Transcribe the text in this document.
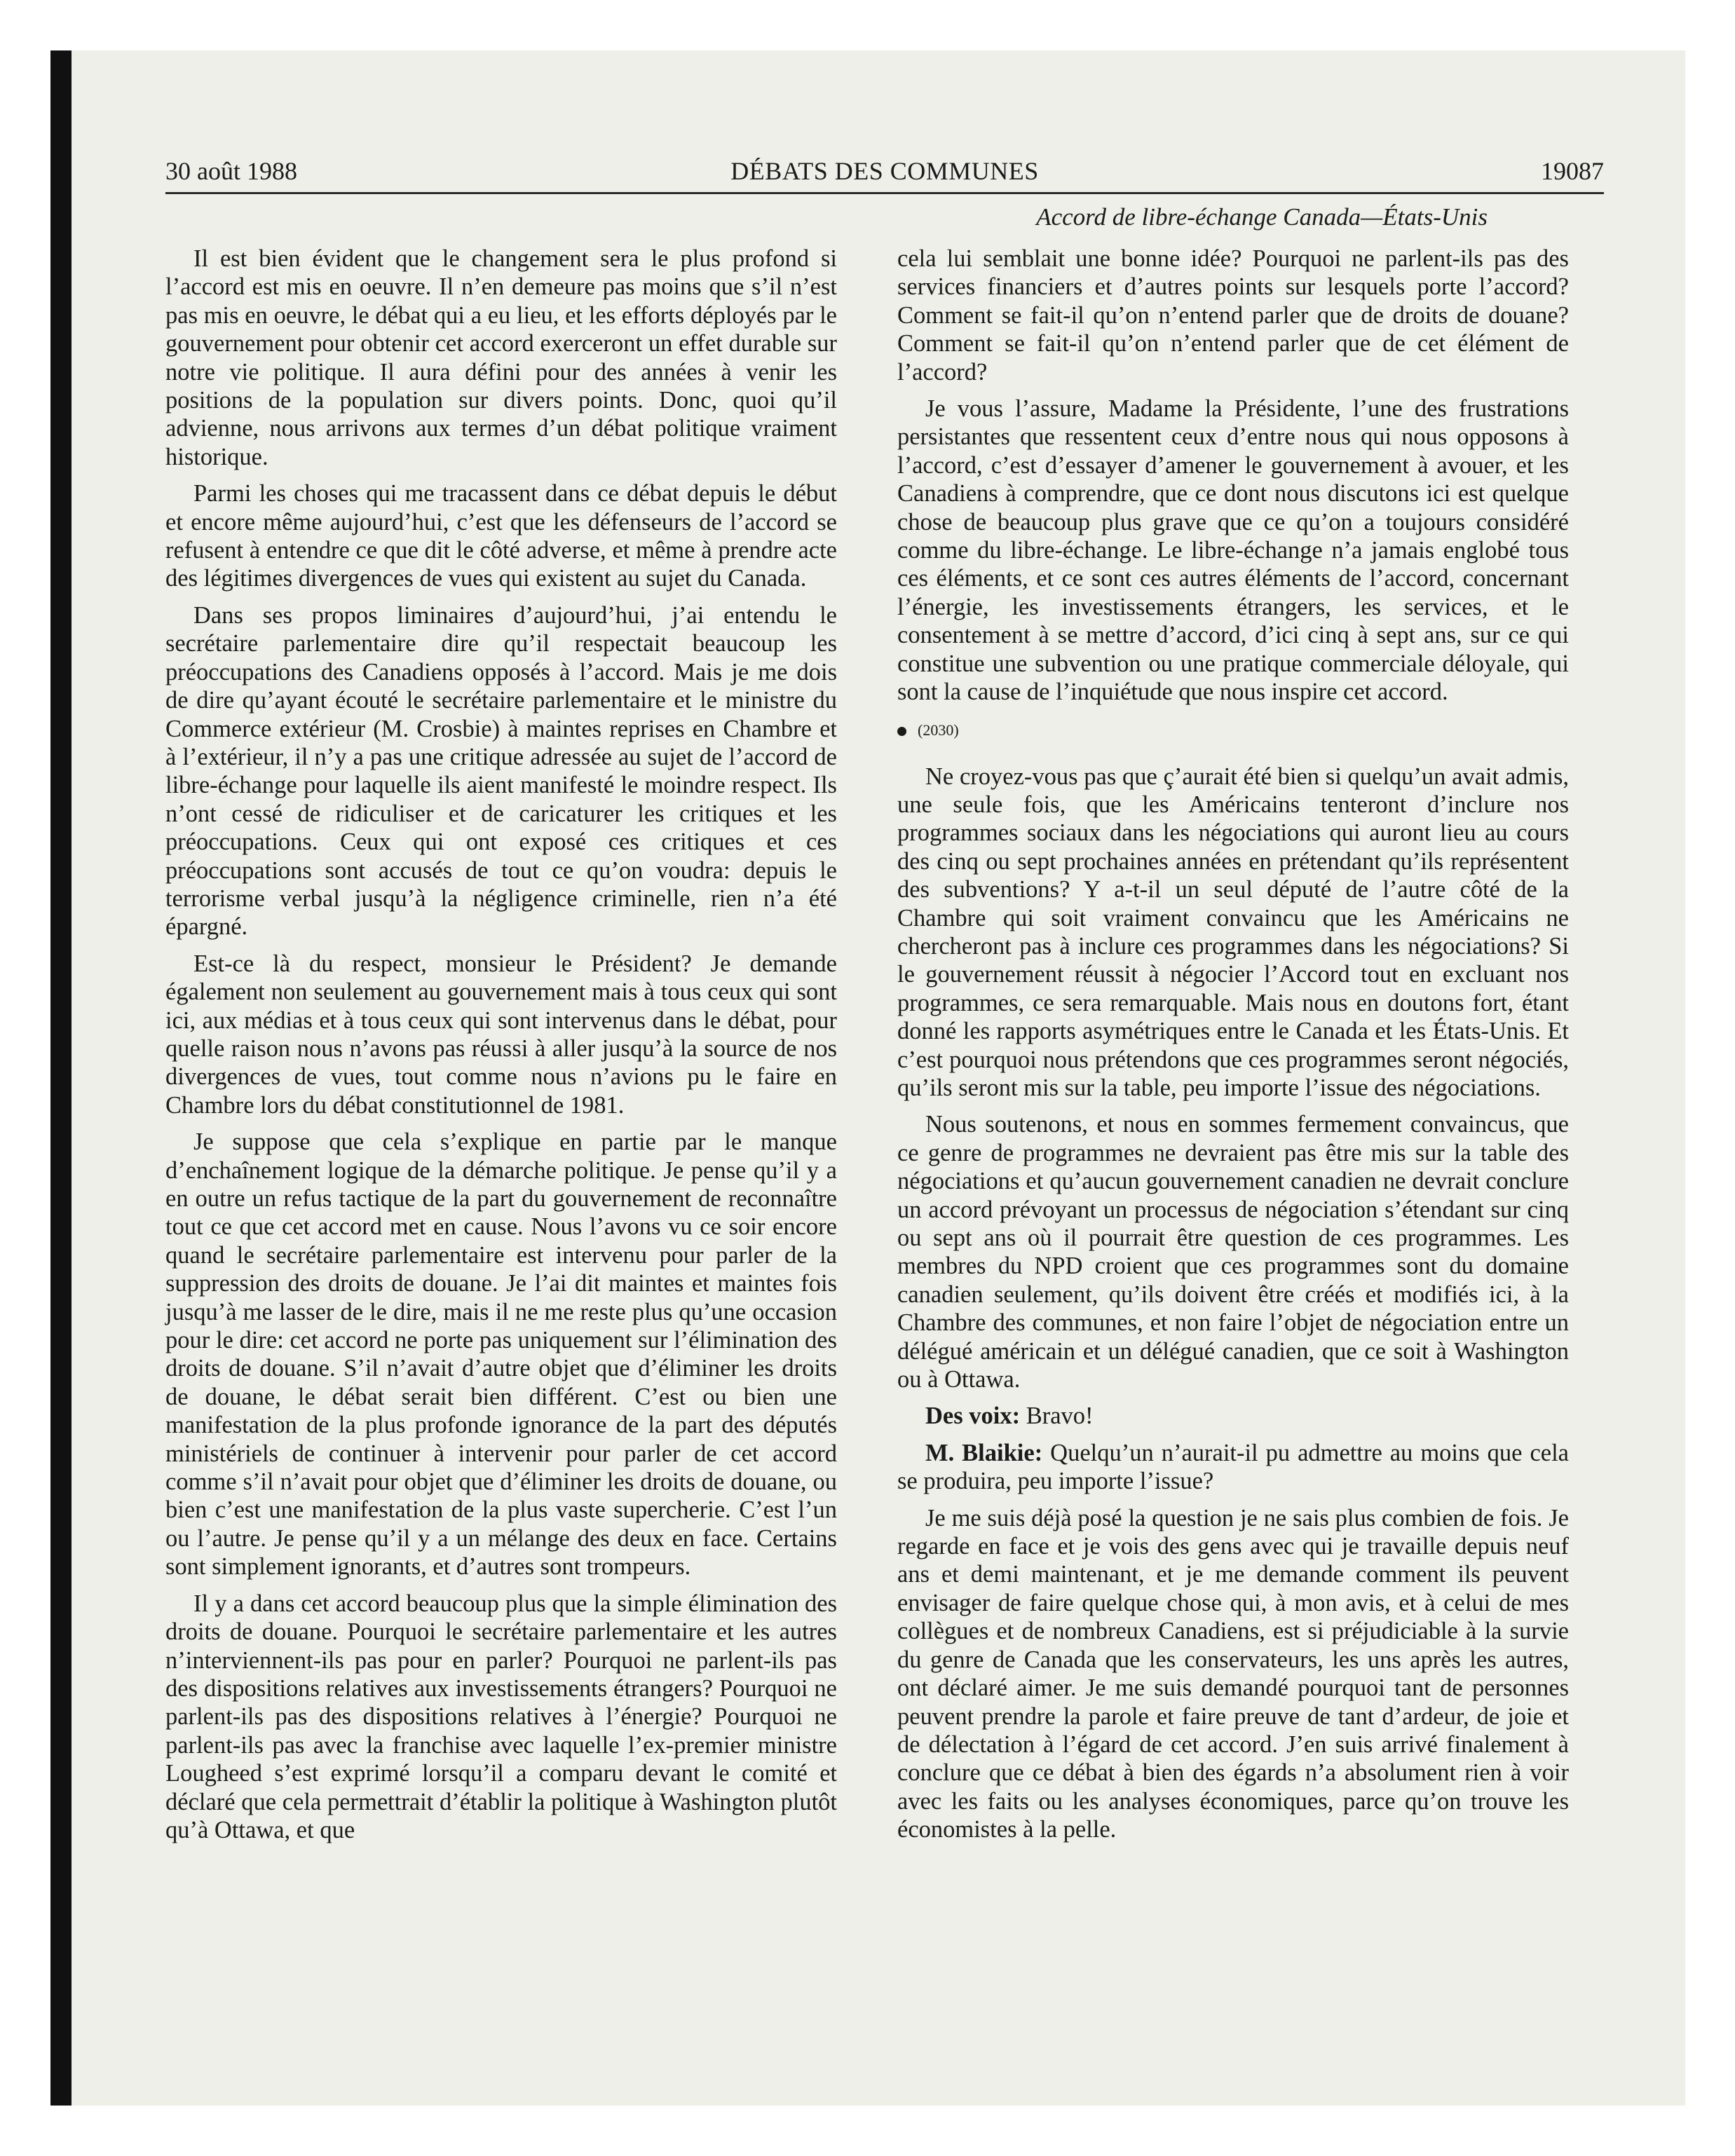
30 août 1988	DÉBATS DES COMMUNES	19087
Accord de libre-échange Canada—États-Unis

Il est bien évident que le changement sera le plus profond si l’accord est mis en oeuvre. Il n’en demeure pas moins que s’il n’est pas mis en oeuvre, le débat qui a eu lieu, et les efforts déployés par le gouvernement pour obtenir cet accord exerceront un effet durable sur notre vie politique. Il aura défini pour des années à venir les positions de la population sur divers points. Donc, quoi qu’il advienne, nous arrivons aux termes d’un débat politique vraiment historique.

Parmi les choses qui me tracassent dans ce débat depuis le début et encore même aujourd’hui, c’est que les défenseurs de l’accord se refusent à entendre ce que dit le côté adverse, et même à prendre acte des légitimes divergences de vues qui existent au sujet du Canada.

Dans ses propos liminaires d’aujourd’hui, j’ai entendu le secrétaire parlementaire dire qu’il respectait beaucoup les préoccupations des Canadiens opposés à l’accord. Mais je me dois de dire qu’ayant écouté le secrétaire parlementaire et le ministre du Commerce extérieur (M. Crosbie) à maintes reprises en Chambre et à l’extérieur, il n’y a pas une critique adressée au sujet de l’accord de libre-échange pour laquelle ils aient manifesté le moindre respect. Ils n’ont cessé de ridiculiser et de caricaturer les critiques et les préoccupations. Ceux qui ont exposé ces critiques et ces préoccupations sont accusés de tout ce qu’on voudra: depuis le terrorisme verbal jusqu’à la négligence criminelle, rien n’a été épargné.

Est-ce là du respect, monsieur le Président? Je demande également non seulement au gouvernement mais à tous ceux qui sont ici, aux médias et à tous ceux qui sont intervenus dans le débat, pour quelle raison nous n’avons pas réussi à aller jusqu’à la source de nos divergences de vues, tout comme nous n’avions pu le faire en Chambre lors du débat constitutionnel de 1981.

Je suppose que cela s’explique en partie par le manque d’enchaînement logique de la démarche politique. Je pense qu’il y a en outre un refus tactique de la part du gouvernement de reconnaître tout ce que cet accord met en cause. Nous l’avons vu ce soir encore quand le secrétaire parlementaire est intervenu pour parler de la suppression des droits de douane. Je l’ai dit maintes et maintes fois jusqu’à me lasser de le dire, mais il ne me reste plus qu’une occasion pour le dire: cet accord ne porte pas uniquement sur l’élimination des droits de douane. S’il n’avait d’autre objet que d’éliminer les droits de douane, le débat serait bien différent. C’est ou bien une manifestation de la plus profonde ignorance de la part des députés ministériels de continuer à intervenir pour parler de cet accord comme s’il n’avait pour objet que d’éliminer les droits de douane, ou bien c’est une manifestation de la plus vaste supercherie. C’est l’un ou l’autre. Je pense qu’il y a un mélange des deux en face. Certains sont simplement ignorants, et d’autres sont trompeurs.

Il y a dans cet accord beaucoup plus que la simple élimination des droits de douane. Pourquoi le secrétaire parlementaire et les autres n’interviennent-ils pas pour en parler? Pourquoi ne parlent-ils pas des dispositions relatives aux investissements étrangers? Pourquoi ne parlent-ils pas des dispositions relatives à l’énergie? Pourquoi ne parlent-ils pas avec la franchise avec laquelle l’ex-premier ministre Lougheed s’est exprimé lorsqu’il a comparu devant le comité et déclaré que cela permettrait d’établir la politique à Washington plutôt qu’à Ottawa, et que

cela lui semblait une bonne idée? Pourquoi ne parlent-ils pas des services financiers et d’autres points sur lesquels porte l’accord? Comment se fait-il qu’on n’entend parler que de droits de douane? Comment se fait-il qu’on n’entend parler que de cet élément de l’accord?

Je vous l’assure, Madame la Présidente, l’une des frustrations persistantes que ressentent ceux d’entre nous qui nous opposons à l’accord, c’est d’essayer d’amener le gouvernement à avouer, et les Canadiens à comprendre, que ce dont nous discutons ici est quelque chose de beaucoup plus grave que ce qu’on a toujours considéré comme du libre-échange. Le libre-échange n’a jamais englobé tous ces éléments, et ce sont ces autres éléments de l’accord, concernant l’énergie, les investissements étrangers, les services, et le consentement à se mettre d’accord, d’ici cinq à sept ans, sur ce qui constitue une subvention ou une pratique commerciale déloyale, qui sont la cause de l’inquiétude que nous inspire cet accord.

(2030)

Ne croyez-vous pas que ç’aurait été bien si quelqu’un avait admis, une seule fois, que les Américains tenteront d’inclure nos programmes sociaux dans les négociations qui auront lieu au cours des cinq ou sept prochaines années en prétendant qu’ils représentent des subventions? Y a-t-il un seul député de l’autre côté de la Chambre qui soit vraiment convaincu que les Américains ne chercheront pas à inclure ces programmes dans les négociations? Si le gouvernement réussit à négocier l’Accord tout en excluant nos programmes, ce sera remarquable. Mais nous en doutons fort, étant donné les rapports asymétriques entre le Canada et les États-Unis. Et c’est pourquoi nous prétendons que ces programmes seront négociés, qu’ils seront mis sur la table, peu importe l’issue des négociations.

Nous soutenons, et nous en sommes fermement convaincus, que ce genre de programmes ne devraient pas être mis sur la table des négociations et qu’aucun gouvernement canadien ne devrait conclure un accord prévoyant un processus de négociation s’étendant sur cinq ou sept ans où il pourrait être question de ces programmes. Les membres du NPD croient que ces programmes sont du domaine canadien seulement, qu’ils doivent être créés et modifiés ici, à la Chambre des communes, et non faire l’objet de négociation entre un délégué américain et un délégué canadien, que ce soit à Washington ou à Ottawa.

Des voix: Bravo!

M. Blaikie: Quelqu’un n’aurait-il pu admettre au moins que cela se produira, peu importe l’issue?

Je me suis déjà posé la question je ne sais plus combien de fois. Je regarde en face et je vois des gens avec qui je travaille depuis neuf ans et demi maintenant, et je me demande comment ils peuvent envisager de faire quelque chose qui, à mon avis, et à celui de mes collègues et de nombreux Canadiens, est si préjudiciable à la survie du genre de Canada que les conservateurs, les uns après les autres, ont déclaré aimer. Je me suis demandé pourquoi tant de personnes peuvent prendre la parole et faire preuve de tant d’ardeur, de joie et de délectation à l’égard de cet accord. J’en suis arrivé finalement à conclure que ce débat à bien des égards n’a absolument rien à voir avec les faits ou les analyses économiques, parce qu’on trouve les économistes à la pelle.
